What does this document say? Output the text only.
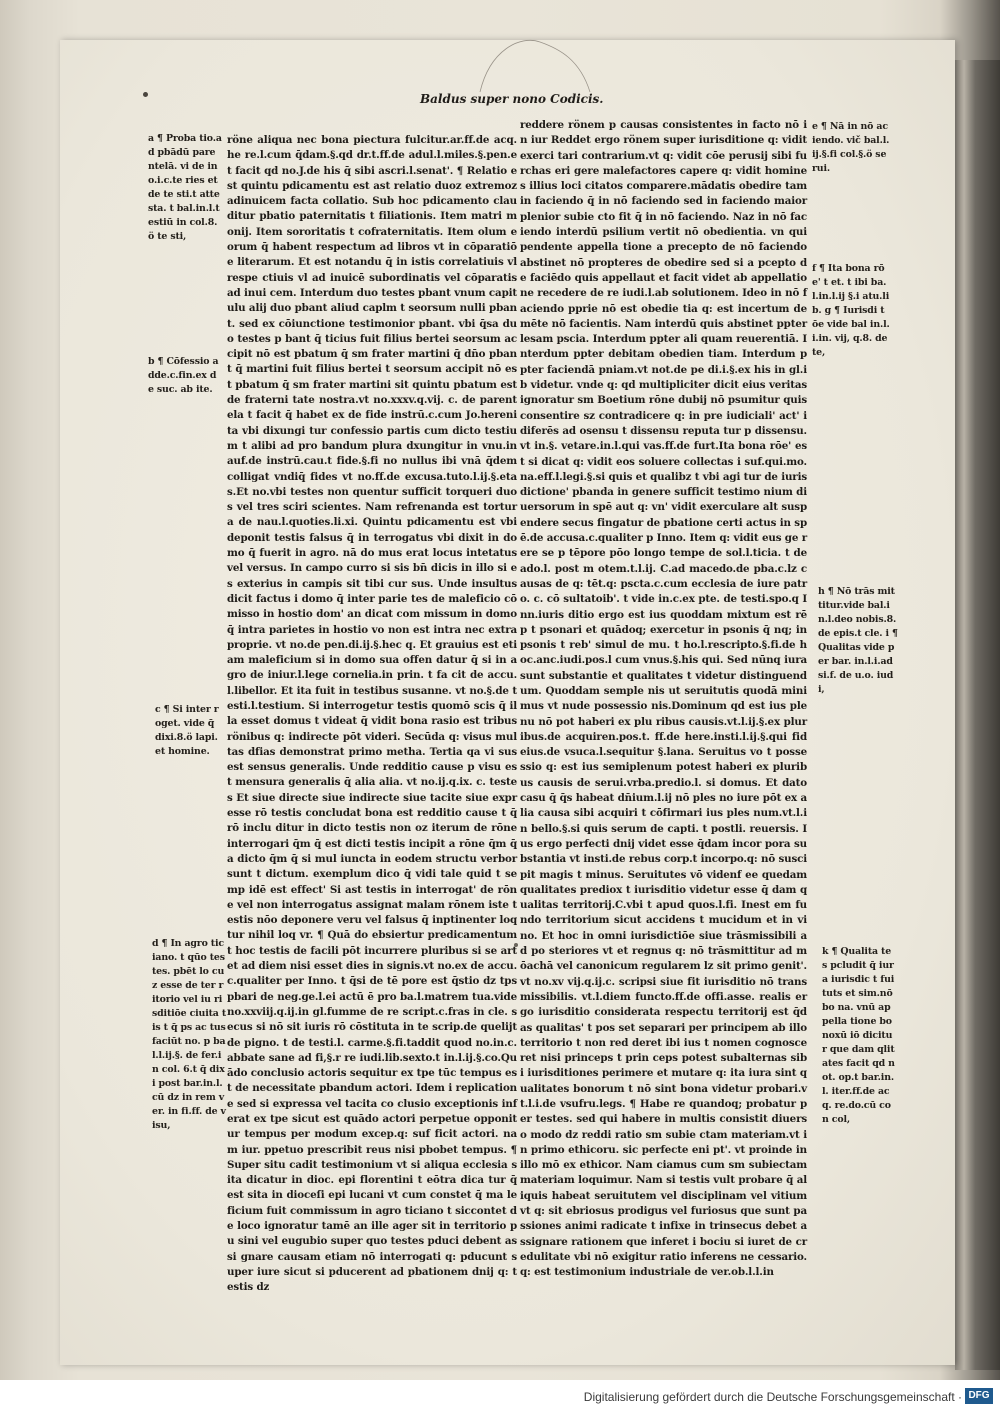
Baldus super nono Codicis.
röne aliqua nec bona piectura fulcitur.ar.ff.de acq. he re.l.cum q̄dam.§.qd dr.t.ff.de adul.l.miles.§.pen.et facit qd no.J.de his q̄ sibi ascri.l.senat'. ¶ Relatio est quintu pdicamentu est ast relatio duoz extremoz adinuicem facta collatio. Sub hoc pdicamento clau ditur pbatio paternitatis t filiationis. Item matri monij. Item sororitatis t cofraternitatis. Item olum eorum q̄ habent respectum ad libros vt in cōparatiōe literarum. Et est notandu q̄ in istis correlatiuis vl respe ctiuis vl ad inuicē subordinatis vel cōparatis ad inui cem. Interdum duo testes pbant vnum capitulu alij duo pbant aliud caplm t seorsum nulli pbant. sed ex cōiunctione testimonior pbant. vbi q̄sa duo testes p bant q̄ ticius fuit filius bertei seorsum accipit nō est pbatum q̄ sm frater martini q̄ dn̄o pbant q̄ martini fuit filius bertei t seorsum accipit nō est pbatum q̄ sm frater martini sit quintu pbatum est de fraterni tate nostra.vt no.xxxv.q.vij. c. de parentela t facit q̄ habet ex de fide instrū.c.cum Jo.herenita vbi dixungi tur confessio partis cum dicto testium t alibi ad pro bandum plura dxungitur in vnu.in auf.de instrū.cau.t fide.§.fi no nullus ibi vnā q̄dem colligat vndiq̄ fides vt no.ff.de excusa.tuto.l.ij.§.etas.Et no.vbi testes non quentur sufficit torqueri duos vel tres sciri scientes. Nam refrenanda est tortura de nau.l.quoties.li.xi. Quintu pdicamentu est vbi deponit testis falsus q̄ in terrogatus vbi dixit in domo q̄ fuerit in agro. nā do mus erat locus intetatus vel versus. In campo curro si sis bn̄ dicis in illo si es exterius in campis sit tibi cur sus. Unde insultus dicit factus i domo q̄ inter parie tes de maleficio cōmisso in hostio dom' an dicat com missum in domo q̄ intra parietes in hostio vo non est intra nec extra proprie. vt no.de pen.di.ij.§.hec q. Et grauius est etiam maleficium si in domo sua offen datur q̄ si in agro de iniur.l.lege cornelia.in prin. t fa cit de accu.l.libellor. Et ita fuit in testibus susanne. vt no.§.de testi.l.testium. Si interrogetur testis quomō scis q̄ illa esset domus t videat q̄ vidit bona rasio est tribus rönibus q: indirecte pōt videri. Secūda q: visus multas dfias demonstrat primo metha. Tertia qa vi sus est sensus generalis. Unde redditio cause p visu est mensura generalis q̄ alia alia. vt no.ij.q.ix. c. testes Et siue directe siue indirecte siue tacite siue expresse rō testis concludat bona est redditio cause t q̄ rō inclu ditur in dicto testis non oz iterum de rōne interrogari q̄m q̄ est dicti testis incipit a rōne q̄m q̄ a dicto q̄m q̄ si mul iuncta in eodem structu verbor sunt t dictum. exemplum dico q̄ vidi tale quid t semp idē est effect' Si ast testis in interrogat' de rōne vel non interrogatus assignat malam rōnem iste testis nōo deponere veru vel falsus q̄ inptinenter loqtur nihil loq vr. ¶ Quā do ebsiertur predicamentum t hoc testis de facili pōt incurrere pluribus si se artet ad diem nisi esset dies in signis.vt no.ex de accu.c.qualiter per Inno. t q̄si de tē pore est q̄stio dz tps pbari de neg.ge.l.ei actū ē pro ba.l.matrem tua.vide no.xxviij.q.ij.in gl.fumme de re script.c.fras in cle. secus si nō sit iuris rō cōstituta in te scrip.de quelijt de pigno. t de testi.l. carme.§.fi.taddit quod no.in.c.abbate sane ad fi,§.r re iudi.lib.sexto.t in.l.ij.§.co.Quādo conclusio actoris sequitur ex tpe tūc tempus est de necessitate pbandum actori. Idem i replicatione sed si expressa vel tacita co clusio exceptionis inferat ex tpe sicut est quādo actori perpetue opponitur tempus per modum excep.q: suf ficit actori. nam iur. ppetuo prescribit reus nisi pbobet tempus. ¶ Super situ cadit testimonium vt si aliqua ecclesia sita dicatur in dioc. epi florentini t eōtra dica tur q̄ est sita in dioceſi epi lucani vt cum constet q̄ ma leficium fuit commissum in agro ticiano t siccontet de loco ignoratur tamē an ille ager sit in territorio pu sini vel eugubio super quo testes pduci debent assi gnare causam etiam nō interrogati q: pducunt super iure sicut si pducerent ad pbationem dnij q: testis dz
reddere rönem p causas consistentes in facto nō in iur Reddet ergo rönem super iurisditione q: vidit exerci tari contrarium.vt q: vidit cōe perusij sibi furchas eri gere malefactores capere q: vidit homines illius loci citatos comparere.mādatis obedire tam in faciendo q̄ in nō faciendo sed in faciendo maior plenior subie cto fit q̄ in nō faciendo. Naz in nō faciendo interdū psilium vertit nō obedientia. vn qui pendente appella tione a precepto de nō faciendo abstinet nō propteres de obedire sed si a pcepto de faciēdo quis appellaut et facit videt ab appellatione recedere de re iudi.l.ab solutionem. Ideo in nō faciendo pprie nō est obedie tia q: est incertum de mēte nō facientis. Nam interdū quis abstinet ppter lesam pscia. Interdum ppter ali quam reuerentiā. Interdum ppter debitam obedien tiam. Interdum ppter faciendā pniam.vt not.de pe di.i.§.ex his in gl.ib videtur. vnde q: qd multipliciter dicit eius veritas ignoratur sm Boetium rōne dubij nō psumitur quis consentire sz contradicere q: in pre iudiciali' act' idiferēs ad osensu t dissensu reputa tur p dissensu.vt in.§. vetare.in.l.qui vas.ff.de furt.Ita bona rōe' est si dicat q: vidit eos soluere collectas i suf.qui.mo.na.eff.l.legi.§.si quis et qualibz t vbi agi tur de iurisdictione' pbanda in genere sufficit testimo nium diuersorum in spē aut q: vn' vidit exerculare alt suspendere secus fingatur de pbatione certi actus in spē.de accusa.c.qualiter p Inno. Item q: vidit eus ge rere se p tēpore pōo longo tempe de sol.l.ticia. t de ado.l. post m otem.t.l.ij. C.ad macedo.de pba.c.lz causas de q: tēt.q: pscta.c.cum ecclesia de iure patro. c. cō sultatoib'. t vide in.c.ex pte. de testi.spo.q Inn.iuris ditio ergo est ius quoddam mixtum est rēp t psonari et quādoq; exercetur in psonis q̄ nq; in psonis t reb' simul de mu. t ho.l.rescripto.§.fi.de hoc.anc.iudi.pos.l cum vnus.§.his qui. Sed nūnq iura sunt substantie et qualitates t videtur distinguendum. Quoddam semple nis ut seruitutis quodā minimus vt nude possessio nis.Dominum qd est ius plenu nō pot haberi ex plu ribus causis.vt.l.ij.§.ex pluribus.de acquiren.pos.t. ff.de here.insti.l.ij.§.qui fideius.de vsuca.l.sequitur §.lana. Seruitus vo t possessio q: est ius semiplenum potest haberi ex pluribus causis de serui.vrba.predio.l. si domus. Et dato casu q̄ q̄s habeat dn̄ium.l.ij nō ples no iure pōt ex alia causa sibi acquiri t cōfirmari ius ples num.vt.l.in bello.§.si quis serum de capti. t postli. reuersis. Ius ergo perfecti dnij videt esse q̄dam incor pora substantia vt insti.de rebus corp.t incorpo.q: nō suscipit magis t minus. Seruitutes vō videnf ee quedam qualitates prediox t iurisditio videtur esse q̄ dam qualitas territorij.C.vbi t apud quos.l.fi. Inest em fundo territorium sicut accidens t mucidum et in vi no. Et hoc in omni iurisdictiōe siue trāsmissibili ad po steriores vt et regnus q: nō trāsmittitur ad mōachā vel canonicum regularem lz sit primo genit'.vt no.xv vij.q.ij.c. scripsi siue fit iurisditio nō transmissibilis. vt.l.diem functo.ff.de offi.asse. realis ergo iurisditio considerata respectu territorij est q̄das qualitas' t pos set separari per principem ab illo territorio t non red deret ibi ius t nomen cognosceret nisi princeps t prin ceps potest subalternas sibi iurisditiones perimere et mutare q: ita iura sint qualitates bonorum t nō sint bona videtur probari.vt.l.i.de vsufru.legs. ¶ Habe re quandoq; probatur per testes. sed qui habere in multis consistit diuerso modo dz reddi ratio sm subie ctam materiam.vt in primo ethicoru. sic perfecte eni pt'. vt proinde in illo mō ex ethicor. Nam ciamus cum sm subiectam materiam loquimur. Nam si testis vult probare q̄ aliquis habeat seruitutem vel disciplinam vel vitium vt q: sit ebriosus prodigus vel furiosus que sunt passiones animi radicate t infixe in trinsecus debet assignare rationem que inferet i bociu si iuret de credulitate vbi nō exigitur ratio inferens ne cessario.q: est testimonium industriale de ver.ob.l.l.in
a ¶ Proba tio.ad pbādū parentelā. vi de ino.i.c.te ries et de te sti.t attesta. t bal.in.l.testiū in col.8.ö te sti,
b ¶ Cōfessio adde.c.fin.ex de suc. ab ite.
c ¶ Si inter roget. vide q̄ dixi.8.ö lapi. et homine.
d ¶ In agro ticiano. t qūo testes. pbēt lo cuz esse de ter ritorio vel iu risditiōe ciuita tis t q̄ ps ac tus faciūt no. p bal.l.ij.§. de fer.in col. 6.t q̄ dixi post bar.in.l.cū dz in rem ver. in fi.ff. de visu,
e ¶ Nā in nō aciendo. vič bal.l.ij.§.fi col.§.ö serui.
f ¶ Ita bona rōe' t et. t ibi ba.l.in.l.ij §.i atu.lib. g ¶ Iurisdi tōe vide bal in.l.i.in. vij, q.8. de te,
h ¶ Nō trās mittitur.vide bal.in.l.deo nobis.8.de epis.t cle. i ¶ Qualitas vide per bar. in.l.i.ad si.f. de u.o. iudi,
k ¶ Qualita tes pcludit q̄ iura iurisdic t fuituts et sim.nō bo na. vnū appella tione bonoxū iō dicitur que dam qlitates facit qd not. op.t bar.in.l. iter.ff.de acq. re.do.cū con col,
Digitalisierung gefördert durch die Deutsche Forschungsgemeinschaft · DFG
